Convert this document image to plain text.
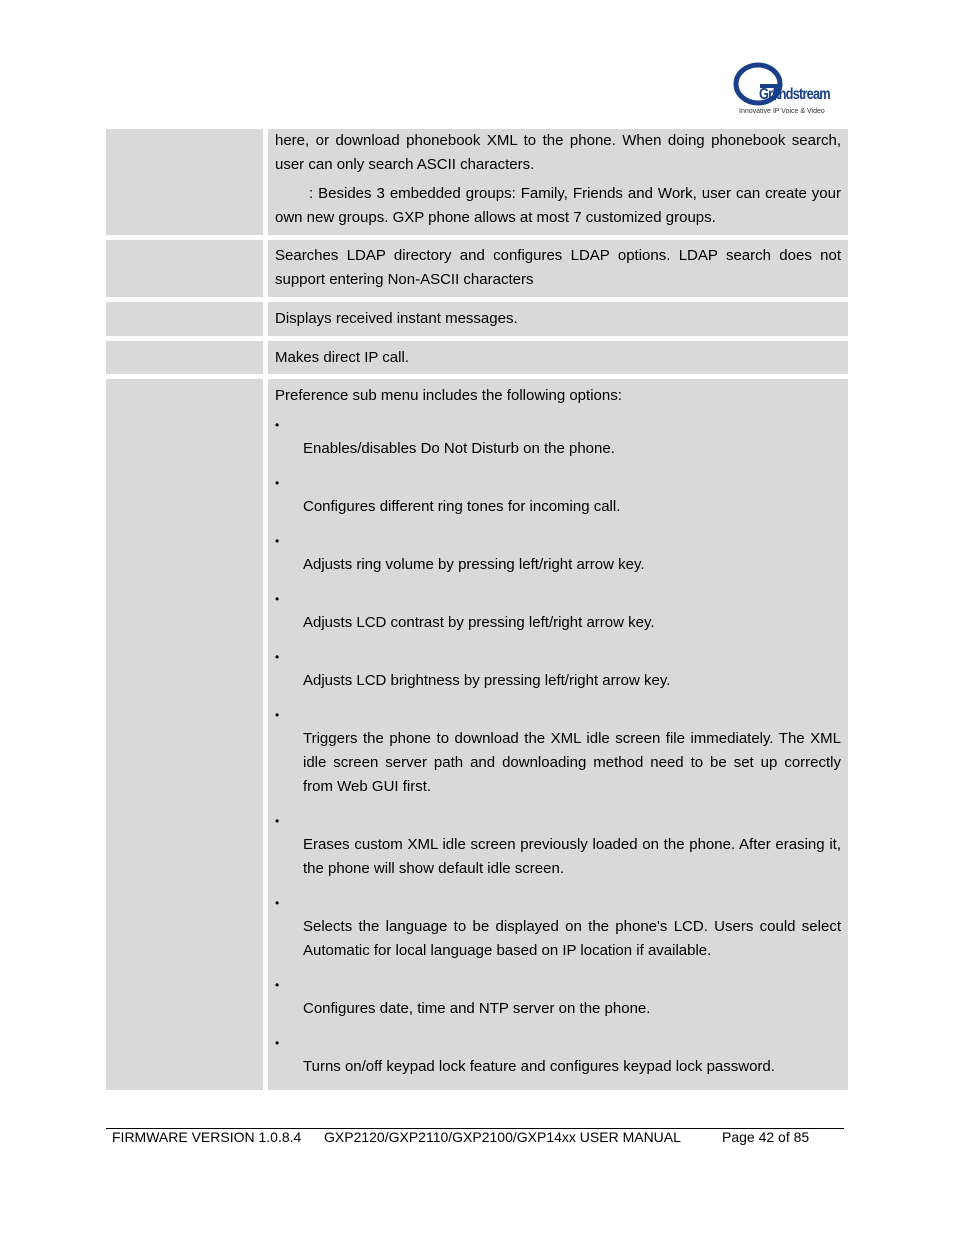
Grandstream
Innovative IP Voice & Video

here, or download phonebook XML to the phone. When doing phonebook search, user can only search ASCII characters.

: Besides 3 embedded groups: Family, Friends and Work, user can create your own new groups. GXP phone allows at most 7 customized groups.

Searches LDAP directory and configures LDAP options. LDAP search does not support entering Non-ASCII characters

Displays received instant messages.

Makes direct IP call.

Preference sub menu includes the following options:

•

Enables/disables Do Not Disturb on the phone.

•

Configures different ring tones for incoming call.

•

Adjusts ring volume by pressing left/right arrow key.

•

Adjusts LCD contrast by pressing left/right arrow key.

•

Adjusts LCD brightness by pressing left/right arrow key.

•

Triggers the phone to download the XML idle screen file immediately. The XML idle screen server path and downloading method need to be set up correctly from Web GUI first.

•

Erases custom XML idle screen previously loaded on the phone. After erasing it, the phone will show default idle screen.

•

Selects the language to be displayed on the phone's LCD. Users could select Automatic for local language based on IP location if available.

•

Configures date, time and NTP server on the phone.

•

Turns on/off keypad lock feature and configures keypad lock password.

FIRMWARE VERSION 1.0.8.4 GXP2120/GXP2110/GXP2100/GXP14xx USER MANUAL	Page 42 of 85
